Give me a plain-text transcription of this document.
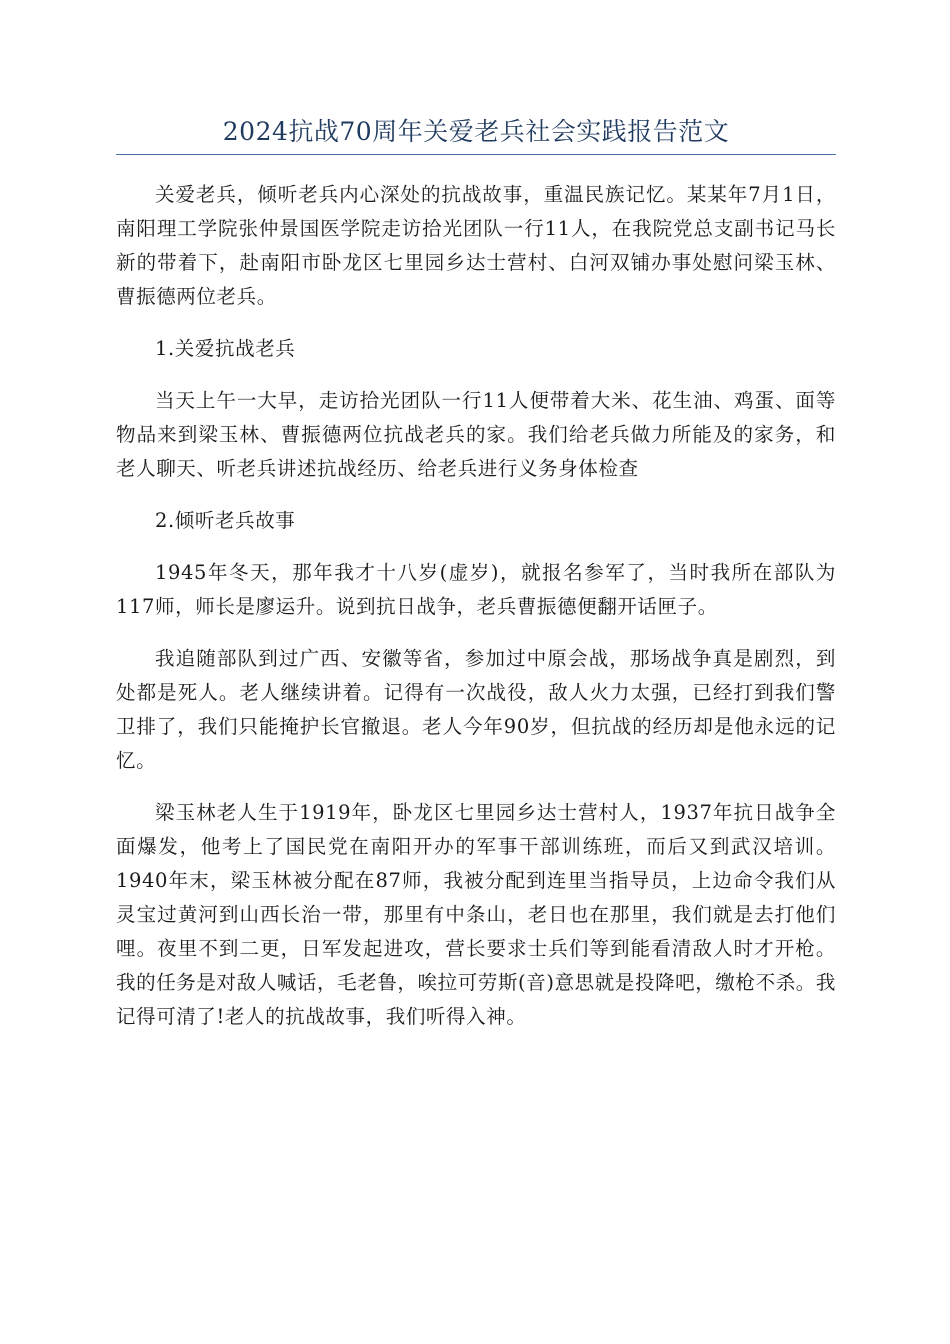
2024抗战70周年关爱老兵社会实践报告范文

关爱老兵，倾听老兵内心深处的抗战故事，重温民族记忆。某某年7月1日，南阳理工学院张仲景国医学院走访拾光团队一行11人，在我院党总支副书记马长新的带着下，赴南阳市卧龙区七里园乡达士营村、白河双铺办事处慰问梁玉林、曹振德两位老兵。

1.关爱抗战老兵

当天上午一大早，走访拾光团队一行11人便带着大米、花生油、鸡蛋、面等物品来到梁玉林、曹振德两位抗战老兵的家。我们给老兵做力所能及的家务，和老人聊天、听老兵讲述抗战经历、给老兵进行义务身体检查

2.倾听老兵故事

1945年冬天，那年我才十八岁(虚岁)，就报名参军了，当时我所在部队为117师，师长是廖运升。说到抗日战争，老兵曹振德便翻开话匣子。

我追随部队到过广西、安徽等省，参加过中原会战，那场战争真是剧烈，到处都是死人。老人继续讲着。记得有一次战役，敌人火力太强，已经打到我们警卫排了，我们只能掩护长官撤退。老人今年90岁，但抗战的经历却是他永远的记忆。

梁玉林老人生于1919年，卧龙区七里园乡达士营村人，1937年抗日战争全面爆发，他考上了国民党在南阳开办的军事干部训练班，而后又到武汉培训。1940年末，梁玉林被分配在87师，我被分配到连里当指导员，上边命令我们从灵宝过黄河到山西长治一带，那里有中条山，老日也在那里，我们就是去打他们哩。夜里不到二更，日军发起进攻，营长要求士兵们等到能看清敌人时才开枪。我的任务是对敌人喊话，毛老鲁，唉拉可劳斯(音)意思就是投降吧，缴枪不杀。我记得可清了!老人的抗战故事，我们听得入神。
